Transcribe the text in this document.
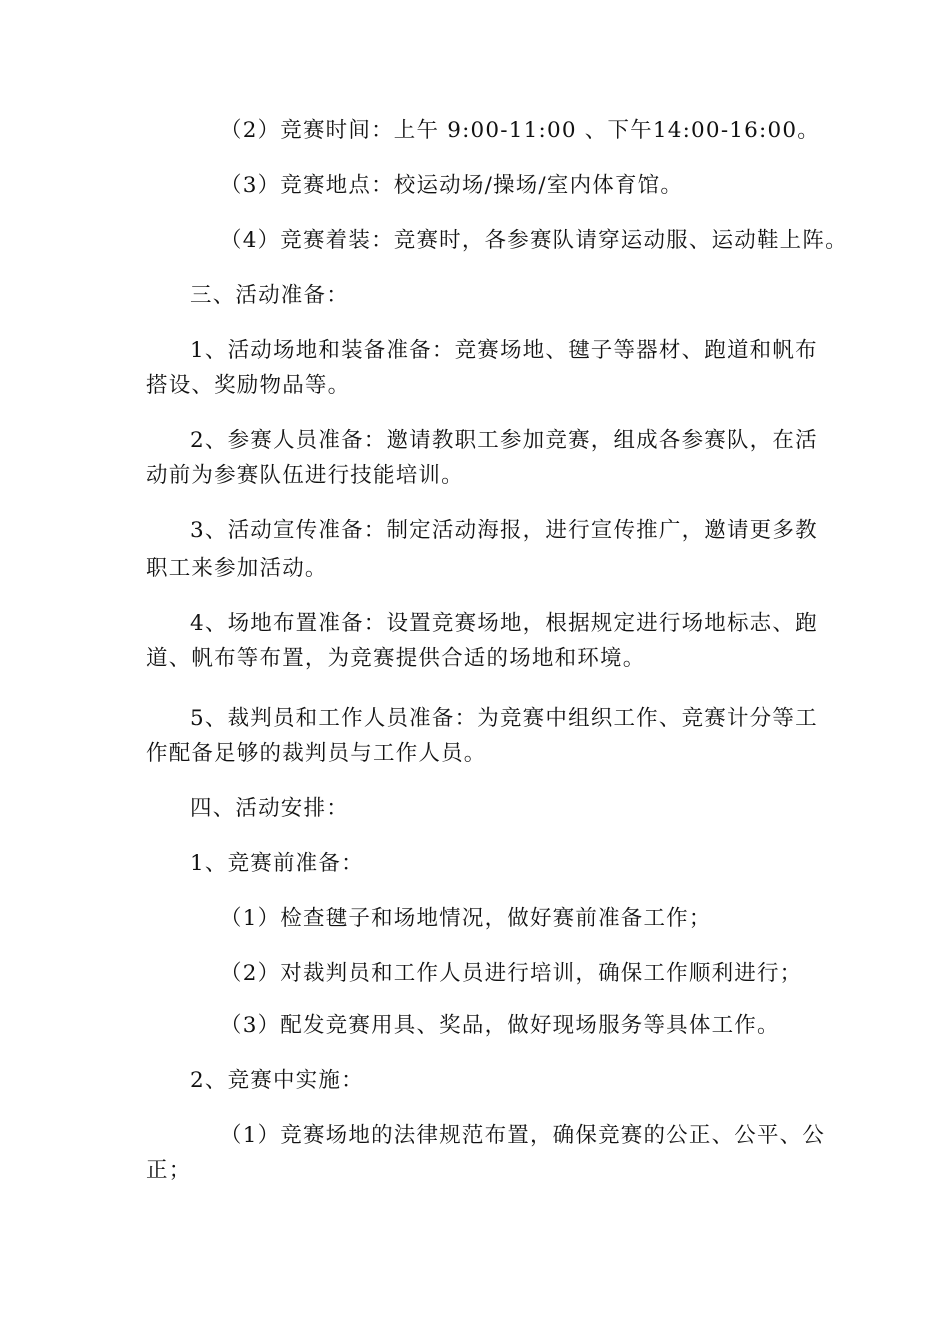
（2）竞赛时间：上午 9:00-11:00 、下午14:00-16:00。
（3）竞赛地点：校运动场/操场/室内体育馆。
（4）竞赛着装：竞赛时，各参赛队请穿运动服、运动鞋上阵。
三、活动准备：
1、活动场地和装备准备：竞赛场地、毽子等器材、跑道和帆布
搭设、奖励物品等。
2、参赛人员准备：邀请教职工参加竞赛，组成各参赛队，在活
动前为参赛队伍进行技能培训。
3、活动宣传准备：制定活动海报，进行宣传推广，邀请更多教
职工来参加活动。
4、场地布置准备：设置竞赛场地，根据规定进行场地标志、跑
道、帆布等布置，为竞赛提供合适的场地和环境。
5、裁判员和工作人员准备：为竞赛中组织工作、竞赛计分等工
作配备足够的裁判员与工作人员。
四、活动安排：
1、竞赛前准备：
（1）检查毽子和场地情况，做好赛前准备工作；
（2）对裁判员和工作人员进行培训，确保工作顺利进行；
（3）配发竞赛用具、奖品，做好现场服务等具体工作。
2、竞赛中实施：
（1）竞赛场地的法律规范布置，确保竞赛的公正、公平、公
正；
